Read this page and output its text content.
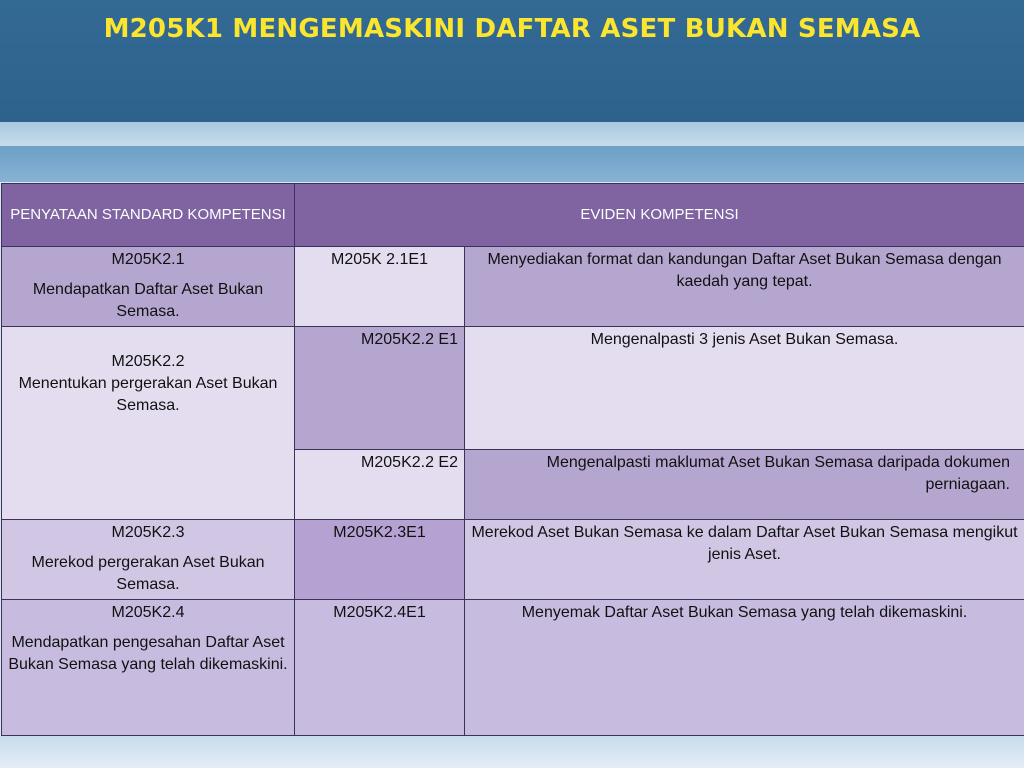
M205K1 MENGEMASKINI DAFTAR ASET BUKAN SEMASA
PENYATAAN STANDARD KOMPETENSI	EVIDEN KOMPETENSI	

M205K2.1
Mendapatkan Daftar Aset Bukan Semasa.	M205K 2.1E1	Menyediakan format dan kandungan Daftar Aset Bukan Semasa dengan kaedah yang tepat.

M205K2.2
Menentukan pergerakan Aset Bukan Semasa.	M205K2.2 E1	Mengenalpasti 3 jenis Aset Bukan Semasa.
	M205K2.2 E2	Mengenalpasti maklumat Aset Bukan Semasa daripada dokumen perniagaan.

M205K2.3
Merekod pergerakan Aset Bukan Semasa.	M205K2.3E1	Merekod Aset Bukan Semasa ke dalam Daftar Aset Bukan Semasa mengikut jenis Aset.

M205K2.4
Mendapatkan pengesahan Daftar Aset Bukan Semasa yang telah dikemaskini.	M205K2.4E1	Menyemak Daftar Aset Bukan Semasa yang telah dikemaskini.
